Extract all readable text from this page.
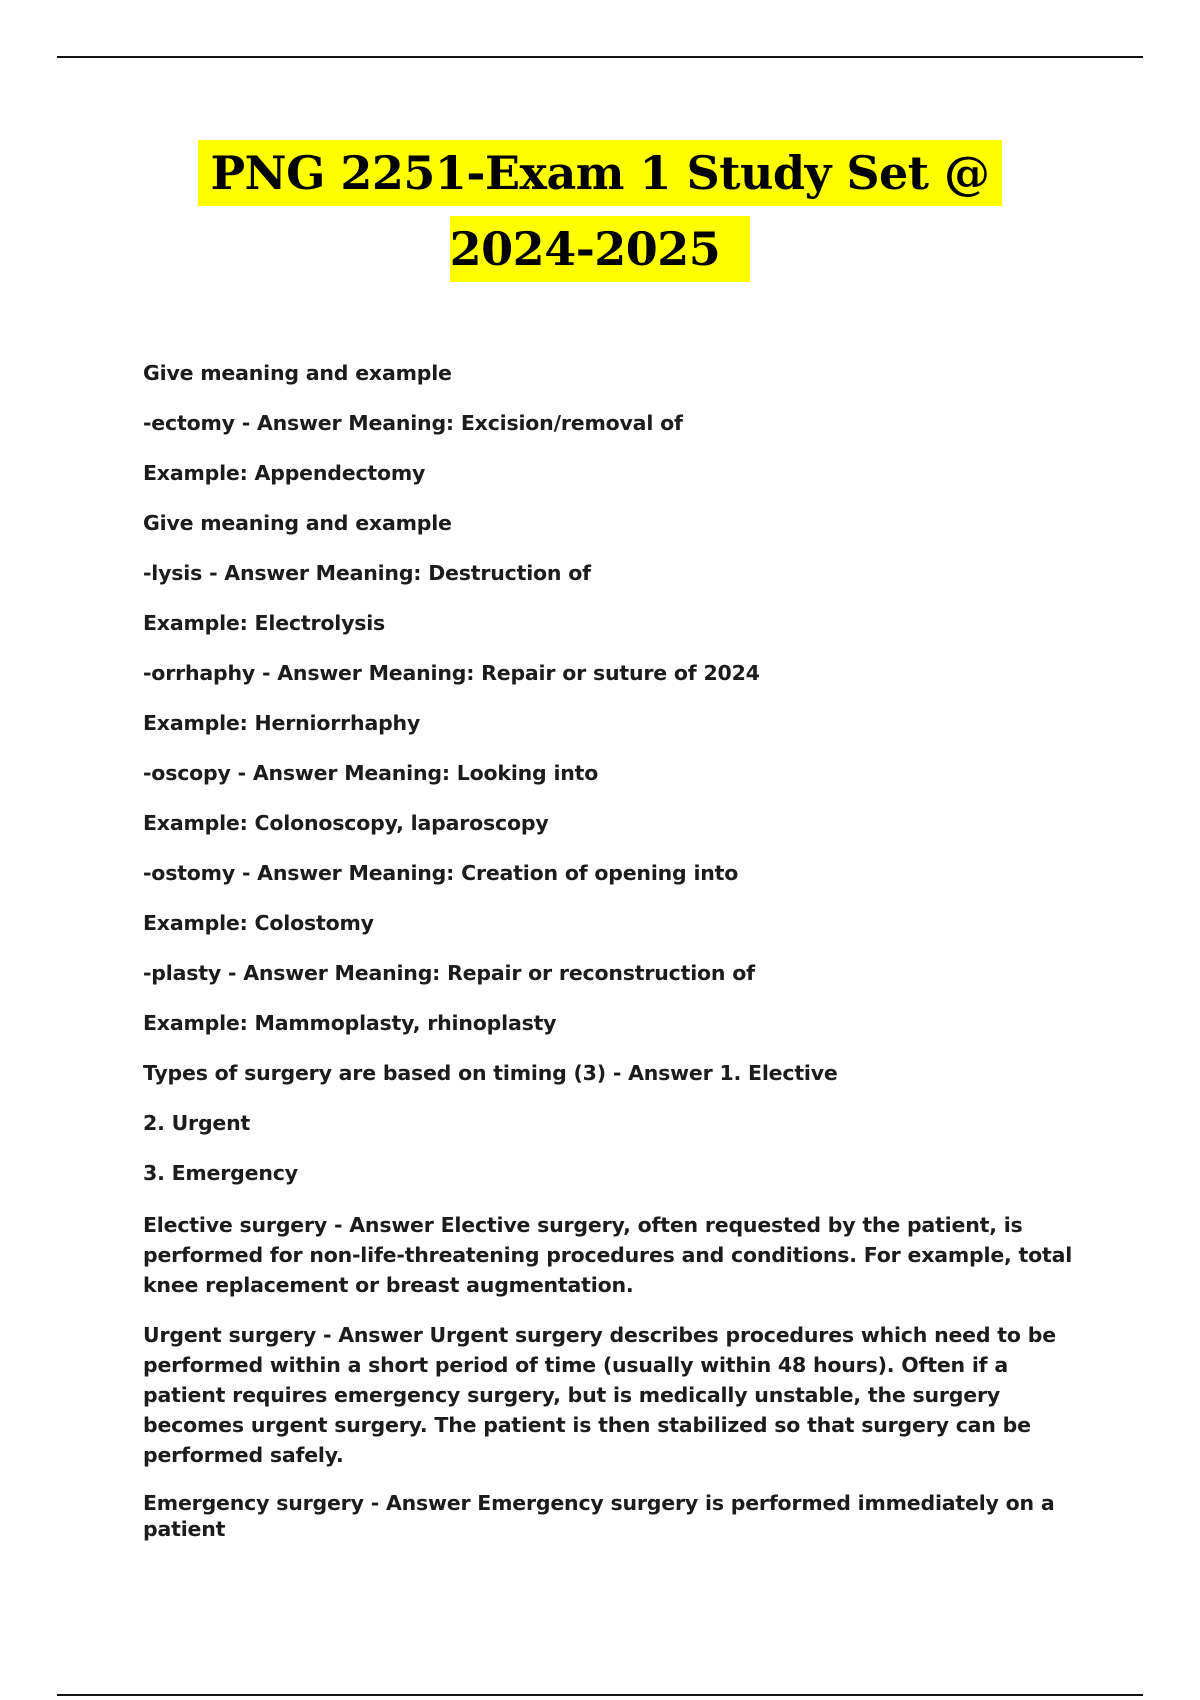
PNG 2251-Exam 1 Study Set @
2024-2025

Give meaning and example

-ectomy - Answer Meaning: Excision/removal of

Example: Appendectomy

Give meaning and example

-lysis - Answer Meaning: Destruction of

Example: Electrolysis

-orrhaphy - Answer Meaning: Repair or suture of 2024

Example: Herniorrhaphy

-oscopy - Answer Meaning: Looking into

Example: Colonoscopy, laparoscopy

-ostomy - Answer Meaning: Creation of opening into

Example: Colostomy

-plasty - Answer Meaning: Repair or reconstruction of

Example: Mammoplasty, rhinoplasty

Types of surgery are based on timing (3) - Answer 1. Elective

2. Urgent

3. Emergency

Elective surgery - Answer Elective surgery, often requested by the patient, is performed for non-life-threatening procedures and conditions. For example, total knee replacement or breast augmentation.

Urgent surgery - Answer Urgent surgery describes procedures which need to be performed within a short period of time (usually within 48 hours). Often if a patient requires emergency surgery, but is medically unstable, the surgery becomes urgent surgery. The patient is then stabilized so that surgery can be performed safely.

Emergency surgery - Answer Emergency surgery is performed immediately on a patient
